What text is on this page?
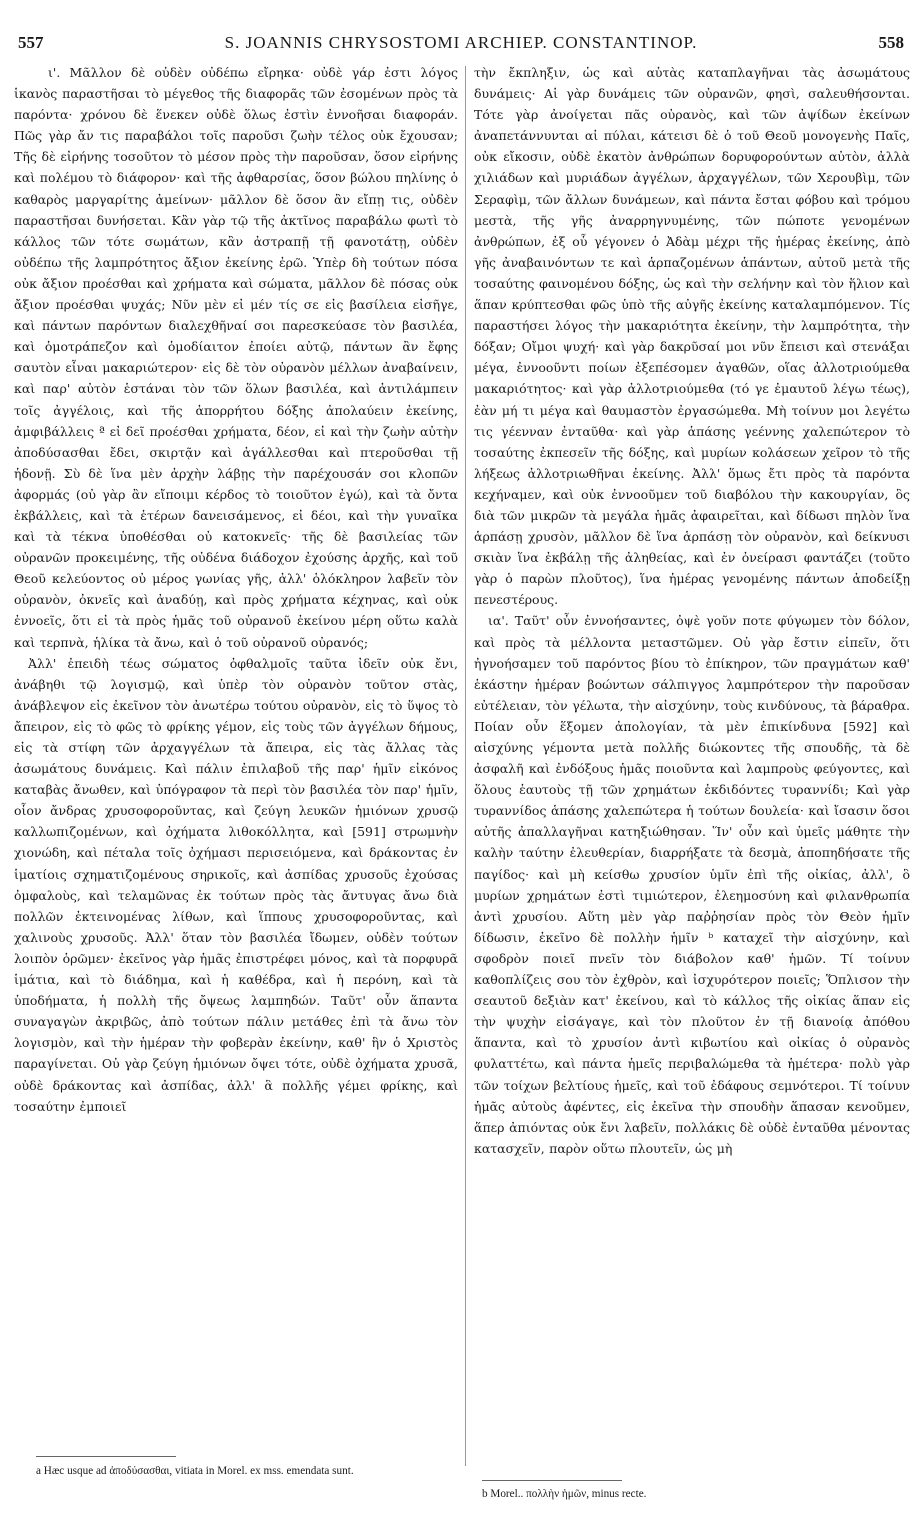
557	S. JOANNIS CHRYSOSTOMI ARCHIEP. CONSTANTINOP.	558

ι'. Μᾶλλον δὲ οὐδὲν οὐδέπω εἴρηκα· οὐδὲ γάρ ἐστι λόγος ἱκανὸς παραστῆσαι τὸ μέγεθος τῆς διαφορᾶς τῶν ἐσομένων πρὸς τὰ παρόντα· χρόνου δὲ ἕνεκεν οὐδὲ ὅλως ἐστὶν ἐννοῆσαι διαφοράν. Πῶς γὰρ ἄν τις παραβάλοι τοῖς παροῦσι ζωὴν τέλος οὐκ ἔχουσαν; Τῆς δὲ εἰρήνης τοσοῦτον τὸ μέσον πρὸς τὴν παροῦσαν, ὅσον εἰρήνης καὶ πολέμου τὸ διάφορον· καὶ τῆς ἀφθαρσίας, ὅσον βώλου πηλίνης ὁ καθαρὸς μαργαρίτης ἀμείνων· μᾶλλον δὲ ὅσον ἂν εἴπῃ τις, οὐδὲν παραστῆσαι δυνήσεται. Κἂν γὰρ τῷ τῆς ἀκτῖνος παραβάλω φωτὶ τὸ κάλλος τῶν τότε σωμάτων, κἂν ἀστραπῇ τῇ φανοτάτῃ, οὐδὲν οὐδέπω τῆς λαμπρότητος ἄξιον ἐκείνης ἐρῶ. Ὑπὲρ δὴ τούτων πόσα οὐκ ἄξιον προέσθαι καὶ χρήματα καὶ σώματα, μᾶλλον δὲ πόσας οὐκ ἄξιον προέσθαι ψυχάς; Νῦν μὲν εἰ μέν τίς σε εἰς βασίλεια εἰσῆγε, καὶ πάντων παρόντων διαλεχθῆναί σοι παρεσκεύασε τὸν βασιλέα, καὶ ὁμοτράπεζον καὶ ὁμοδίαιτον ἐποίει αὐτῷ, πάντων ἂν ἔφης σαυτὸν εἶναι μακαριώτερον· εἰς δὲ τὸν οὐρανὸν μέλλων ἀναβαίνειν, καὶ παρ' αὐτὸν ἑστάναι τὸν τῶν ὅλων βασιλέα, καὶ ἀντιλάμπειν τοῖς ἀγγέλοις, καὶ τῆς ἀπορρήτου δόξης ἀπολαύειν ἐκείνης, ἀμφιβάλλεις ª εἰ δεῖ προέσθαι χρήματα, δέον, εἰ καὶ τὴν ζωὴν αὐτὴν ἀποδύσασθαι ἔδει, σκιρτᾷν καὶ ἀγάλλεσθαι καὶ πτεροῦσθαι τῇ ἡδονῇ. Σὺ δὲ ἵνα μὲν ἀρχὴν λάβῃς τὴν παρέχουσάν σοι κλοπῶν ἀφορμάς (οὐ γὰρ ἂν εἴποιμι κέρδος τὸ τοιοῦτον ἐγώ), καὶ τὰ ὄντα ἐκβάλλεις, καὶ τὰ ἑτέρων δανεισάμενος, εἰ δέοι, καὶ τὴν γυναῖκα καὶ τὰ τέκνα ὑποθέσθαι οὐ κατοκνεῖς· τῆς δὲ βασιλείας τῶν οὐρανῶν προκειμένης, τῆς οὐδένα διάδοχον ἐχούσης ἀρχῆς, καὶ τοῦ Θεοῦ κελεύοντος οὐ μέρος γωνίας γῆς, ἀλλ' ὁλόκληρον λαβεῖν τὸν οὐρανὸν, ὀκνεῖς καὶ ἀναδύῃ, καὶ πρὸς χρήματα κέχηνας, καὶ οὐκ ἐννοεῖς, ὅτι εἰ τὰ πρὸς ἡμᾶς τοῦ οὐρανοῦ ἐκείνου μέρη οὕτω καλὰ καὶ τερπνὰ, ἡλίκα τὰ ἄνω, καὶ ὁ τοῦ οὐρανοῦ οὐρανός;

Ἀλλ' ἐπειδὴ τέως σώματος ὀφθαλμοῖς ταῦτα ἰδεῖν οὐκ ἔνι, ἀνάβηθι τῷ λογισμῷ, καὶ ὑπὲρ τὸν οὐρανὸν τοῦτον στὰς, ἀνάβλεψον εἰς ἐκεῖνον τὸν ἀνωτέρω τούτου οὐρανὸν, εἰς τὸ ὕψος τὸ ἄπειρον, εἰς τὸ φῶς τὸ φρίκης γέμον, εἰς τοὺς τῶν ἀγγέλων δήμους, εἰς τὰ στίφη τῶν ἀρχαγγέλων τὰ ἄπειρα, εἰς τὰς ἄλλας τὰς ἀσωμάτους δυνάμεις. Καὶ πάλιν ἐπιλαβοῦ τῆς παρ' ἡμῖν εἰκόνος καταβὰς ἄνωθεν, καὶ ὑπόγραφον τὰ περὶ τὸν βασιλέα τὸν παρ' ἡμῖν, οἷον ἄνδρας χρυσοφοροῦντας, καὶ ζεύγη λευκῶν ἡμιόνων χρυσῷ καλλωπιζομένων, καὶ ὀχήματα λιθοκόλλητα, καὶ [591] στρωμνὴν χιονώδη, καὶ πέταλα τοῖς ὀχήμασι περισειόμενα, καὶ δράκοντας ἐν ἱματίοις σχηματιζομένους σηρικοῖς, καὶ ἀσπίδας χρυσοῦς ἐχούσας ὀμφαλοὺς, καὶ τελαμῶνας ἐκ τούτων πρὸς τὰς ἄντυγας ἄνω διὰ πολλῶν ἐκτεινομένας λίθων, καὶ ἵππους χρυσοφοροῦντας, καὶ χαλινοὺς χρυσοῦς. Ἀλλ' ὅταν τὸν βασιλέα ἴδωμεν, οὐδὲν τούτων λοιπὸν ὁρῶμεν· ἐκεῖνος γὰρ ἡμᾶς ἐπιστρέφει μόνος, καὶ τὰ πορφυρᾶ ἱμάτια, καὶ τὸ διάδημα, καὶ ἡ καθέδρα, καὶ ἡ περόνη, καὶ τὰ ὑποδήματα, ἡ πολλὴ τῆς ὄψεως λαμπηδών. Ταῦτ' οὖν ἅπαντα συναγαγὼν ἀκριβῶς, ἀπὸ τούτων πάλιν μετάθες ἐπὶ τὰ ἄνω τὸν λογισμὸν, καὶ τὴν ἡμέραν τὴν φοβερὰν ἐκείνην, καθ' ἣν ὁ Χριστὸς παραγίνεται. Οὐ γὰρ ζεύγη ἡμιόνων ὄψει τότε, οὐδὲ ὀχήματα χρυσᾶ, οὐδὲ δράκοντας καὶ ἀσπίδας, ἀλλ' ἃ πολλῆς γέμει φρίκης, καὶ τοσαύτην ἐμποιεῖ

τὴν ἔκπληξιν, ὡς καὶ αὐτὰς καταπλαγῆναι τὰς ἀσωμάτους δυνάμεις· Αἱ γὰρ δυνάμεις τῶν οὐρανῶν, φησὶ, σαλευθήσονται. Τότε γὰρ ἀνοίγεται πᾶς οὐρανὸς, καὶ τῶν ἀψίδων ἐκείνων ἀναπετάννυνται αἱ πύλαι, κάτεισι δὲ ὁ τοῦ Θεοῦ μονογενὴς Παῖς, οὐκ εἴκοσιν, οὐδὲ ἑκατὸν ἀνθρώπων δορυφορούντων αὐτὸν, ἀλλὰ χιλιάδων καὶ μυριάδων ἀγγέλων, ἀρχαγγέλων, τῶν Χερουβὶμ, τῶν Σεραφὶμ, τῶν ἄλλων δυνάμεων, καὶ πάντα ἔσται φόβου καὶ τρόμου μεστὰ, τῆς γῆς ἀναρρηγνυμένης, τῶν πώποτε γενομένων ἀνθρώπων, ἐξ οὗ γέγονεν ὁ Ἀδὰμ μέχρι τῆς ἡμέρας ἐκείνης, ἀπὸ γῆς ἀναβαινόντων τε καὶ ἁρπαζομένων ἁπάντων, αὐτοῦ μετὰ τῆς τοσαύτης φαινομένου δόξης, ὡς καὶ τὴν σελήνην καὶ τὸν ἥλιον καὶ ἅπαν κρύπτεσθαι φῶς ὑπὸ τῆς αὐγῆς ἐκείνης καταλαμπόμενον. Τίς παραστήσει λόγος τὴν μακαριότητα ἐκείνην, τὴν λαμπρότητα, τὴν δόξαν; Οἴμοι ψυχή· καὶ γὰρ δακρῦσαί μοι νῦν ἔπεισι καὶ στενάξαι μέγα, ἐννοοῦντι ποίων ἐξεπέσομεν ἀγαθῶν, οἵας ἀλλοτριούμεθα μακαριότητος· καὶ γὰρ ἀλλοτριούμεθα (τό γε ἐμαυτοῦ λέγω τέως), ἐὰν μή τι μέγα καὶ θαυμαστὸν ἐργασώμεθα. Μὴ τοίνυν μοι λεγέτω τις γέενναν ἐνταῦθα· καὶ γὰρ ἁπάσης γεέννης χαλεπώτερον τὸ τοσαύτης ἐκπεσεῖν τῆς δόξης, καὶ μυρίων κολάσεων χεῖρον τὸ τῆς λήξεως ἀλλοτριωθῆναι ἐκείνης. Ἀλλ' ὅμως ἔτι πρὸς τὰ παρόντα κεχήναμεν, καὶ οὐκ ἐννοοῦμεν τοῦ διαβόλου τὴν κακουργίαν, ὃς διὰ τῶν μικρῶν τὰ μεγάλα ἡμᾶς ἀφαιρεῖται, καὶ δίδωσι πηλὸν ἵνα ἁρπάσῃ χρυσὸν, μᾶλλον δὲ ἵνα ἁρπάσῃ τὸν οὐρανὸν, καὶ δείκνυσι σκιὰν ἵνα ἐκβάλῃ τῆς ἀληθείας, καὶ ἐν ὀνείρασι φαντάζει (τοῦτο γὰρ ὁ παρὼν πλοῦτος), ἵνα ἡμέρας γενομένης πάντων ἀποδείξῃ πενεστέρους.

ια'. Ταῦτ' οὖν ἐννοήσαντες, ὀψὲ γοῦν ποτε φύγωμεν τὸν δόλον, καὶ πρὸς τὰ μέλλοντα μεταστῶμεν. Οὐ γὰρ ἔστιν εἰπεῖν, ὅτι ἠγνοήσαμεν τοῦ παρόντος βίου τὸ ἐπίκηρον, τῶν πραγμάτων καθ' ἑκάστην ἡμέραν βοώντων σάλπιγγος λαμπρότερον τὴν παροῦσαν εὐτέλειαν, τὸν γέλωτα, τὴν αἰσχύνην, τοὺς κινδύνους, τὰ βάραθρα. Ποίαν οὖν ἕξομεν ἀπολογίαν, τὰ μὲν ἐπικίνδυνα [592] καὶ αἰσχύνης γέμοντα μετὰ πολλῆς διώκοντες τῆς σπουδῆς, τὰ δὲ ἀσφαλῆ καὶ ἐνδόξους ἡμᾶς ποιοῦντα καὶ λαμπροὺς φεύγοντες, καὶ ὅλους ἑαυτοὺς τῇ τῶν χρημάτων ἐκδιδόντες τυραννίδι; Καὶ γὰρ τυραννίδος ἁπάσης χαλεπώτερα ἡ τούτων δουλεία· καὶ ἴσασιν ὅσοι αὐτῆς ἀπαλλαγῆναι κατηξιώθησαν. Ἵν' οὖν καὶ ὑμεῖς μάθητε τὴν καλὴν ταύτην ἐλευθερίαν, διαρρήξατε τὰ δεσμὰ, ἀποπηδήσατε τῆς παγίδος· καὶ μὴ κείσθω χρυσίον ὑμῖν ἐπὶ τῆς οἰκίας, ἀλλ', ὃ μυρίων χρημάτων ἐστὶ τιμιώτερον, ἐλεημοσύνη καὶ φιλανθρωπία ἀντὶ χρυσίου. Αὕτη μὲν γὰρ παῤῥησίαν πρὸς τὸν Θεὸν ἡμῖν δίδωσιν, ἐκεῖνο δὲ πολλὴν ἡμῖν ᵇ καταχεῖ τὴν αἰσχύνην, καὶ σφοδρὸν ποιεῖ πνεῖν τὸν διάβολον καθ' ἡμῶν. Τί τοίνυν καθοπλίζεις σου τὸν ἐχθρὸν, καὶ ἰσχυρότερον ποιεῖς; Ὅπλισον τὴν σεαυτοῦ δεξιὰν κατ' ἐκείνου, καὶ τὸ κάλλος τῆς οἰκίας ἅπαν εἰς τὴν ψυχὴν εἰσάγαγε, καὶ τὸν πλοῦτον ἐν τῇ διανοίᾳ ἀπόθου ἅπαντα, καὶ τὸ χρυσίον ἀντὶ κιβωτίου καὶ οἰκίας ὁ οὐρανὸς φυλαττέτω, καὶ πάντα ἡμεῖς περιβαλώμεθα τὰ ἡμέτερα· πολὺ γὰρ τῶν τοίχων βελτίους ἡμεῖς, καὶ τοῦ ἐδάφους σεμνότεροι. Τί τοίνυν ἡμᾶς αὐτοὺς ἀφέντες, εἰς ἐκεῖνα τὴν σπουδὴν ἅπασαν κενοῦμεν, ἅπερ ἀπιόντας οὐκ ἔνι λαβεῖν, πολλάκις δὲ οὐδὲ ἐνταῦθα μένοντας κατασχεῖν, παρὸν οὕτω πλουτεῖν, ὡς μὴ

a Hæc usque ad ἀποδύσασθαι, vitiata in Morel. ex mss. emendata sunt.
b Morel.. πολλὴν ἡμῶν, minus recte.
